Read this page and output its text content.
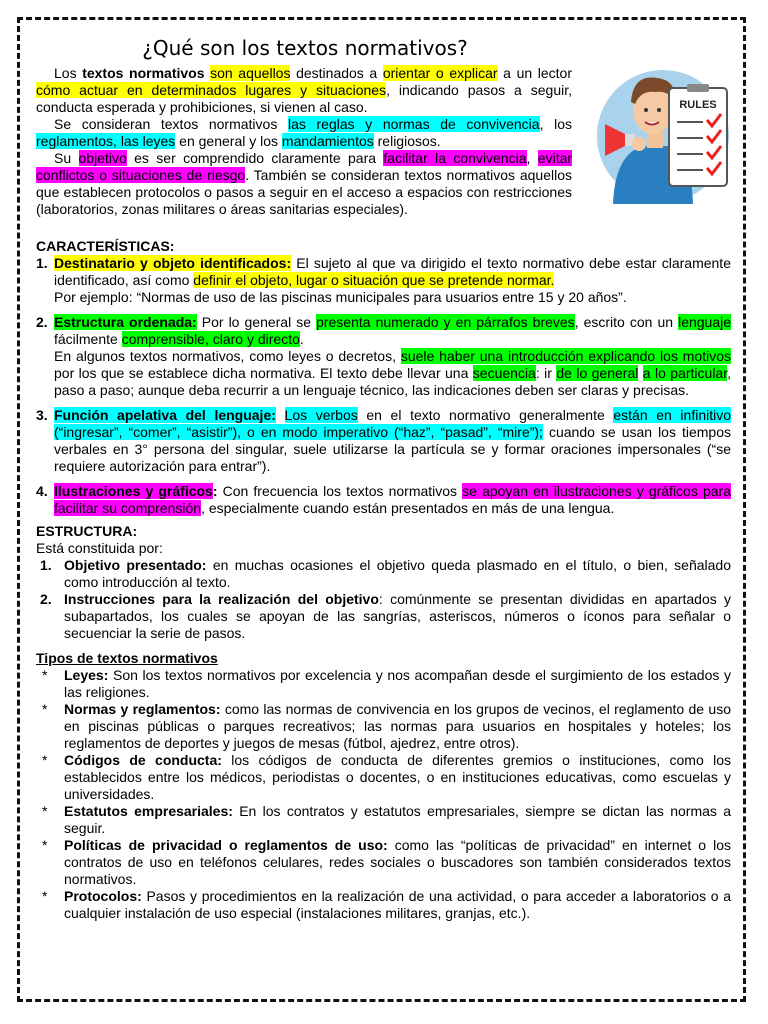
¿Qué son los textos normativos?
RULES

Los textos normativos son aquellos destinados a orientar o explicar a un lector cómo actuar en determinados lugares y situaciones, indicando pasos a seguir, conducta esperada y prohibiciones, si vienen al caso.

Se consideran textos normativos las reglas y normas de convivencia, los reglamentos, las leyes en general y los mandamientos religiosos.

Su objetivo es ser comprendido claramente para facilitar la convivencia, evitar conflictos o situaciones de riesgo. También se consideran textos normativos aquellos que establecen protocolos o pasos a seguir en el acceso a espacios con restricciones (laboratorios, zonas militares o áreas sanitarias especiales).

CARACTERÍSTICAS:

1. Destinatario y objeto identificados: El sujeto al que va dirigido el texto normativo debe estar claramente identificado, así como definir el objeto, lugar o situación que se pretende normar.
Por ejemplo: “Normas de uso de las piscinas municipales para usuarios entre 15 y 20 años”.
2. Estructura ordenada: Por lo general se presenta numerado y en párrafos breves, escrito con un lenguaje fácilmente comprensible, claro y directo.
En algunos textos normativos, como leyes o decretos, suele haber una introducción explicando los motivos por los que se establece dicha normativa. El texto debe llevar una secuencia: ir de lo general a lo particular, paso a paso; aunque deba recurrir a un lenguaje técnico, las indicaciones deben ser claras y precisas.
3. Función apelativa del lenguaje: Los verbos en el texto normativo generalmente están en infinitivo (“ingresar”, “comer”, “asistir”), o en modo imperativo (“haz”, “pasad”, “mire”); cuando se usan los tiempos verbales en 3° persona del singular, suele utilizarse la partícula se y formar oraciones impersonales (“se requiere autorización para entrar”).
4. Ilustraciones y gráficos: Con frecuencia los textos normativos se apoyan en ilustraciones y gráficos para facilitar su comprensión, especialmente cuando están presentados en más de una lengua.

ESTRUCTURA:

Está constituida por:

1. Objetivo presentado: en muchas ocasiones el objetivo queda plasmado en el título, o bien, señalado como introducción al texto.
2. Instrucciones para la realización del objetivo: comúnmente se presentan divididas en apartados y subapartados, los cuales se apoyan de las sangrías, asteriscos, números o íconos para señalar o secuenciar la serie de pasos.

Tipos de textos normativos

*	Leyes: Son los textos normativos por excelencia y nos acompañan desde el surgimiento de los estados y las religiones.
*	Normas y reglamentos: como las normas de convivencia en los grupos de vecinos, el reglamento de uso en piscinas públicas o parques recreativos; las normas para usuarios en hospitales y hoteles; los reglamentos de deportes y juegos de mesas (fútbol, ajedrez, entre otros).
*	Códigos de conducta: los códigos de conducta de diferentes gremios o instituciones, como los establecidos entre los médicos, periodistas o docentes, o en instituciones educativas, como escuelas y universidades.
*	Estatutos empresariales: En los contratos y estatutos empresariales, siempre se dictan las normas a seguir.
*	Políticas de privacidad o reglamentos de uso: como las “políticas de privacidad” en internet o los contratos de uso en teléfonos celulares, redes sociales o buscadores son también considerados textos normativos.
*	Protocolos: Pasos y procedimientos en la realización de una actividad, o para acceder a laboratorios o a cualquier instalación de uso especial (instalaciones militares, granjas, etc.).
